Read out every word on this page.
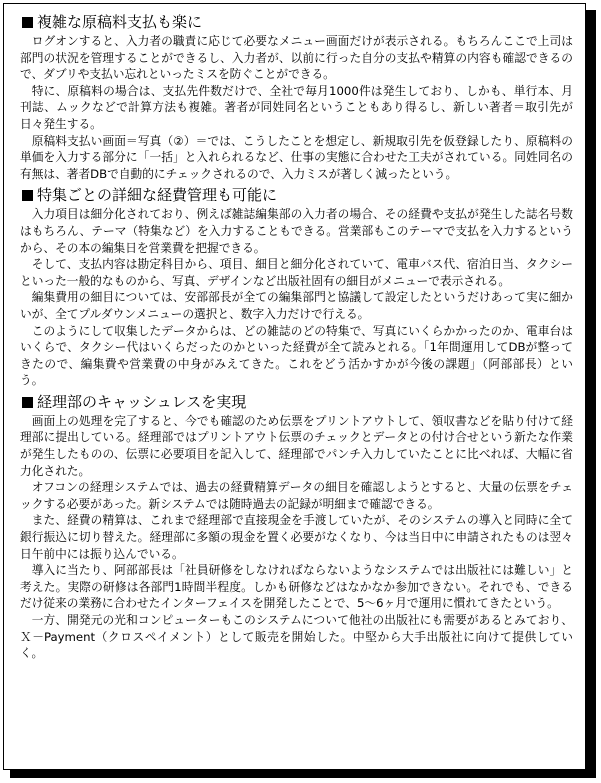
複雑な原稿料支払も楽に

ログオンすると、入力者の職責に応じて必要なメニュー画面だけが表示される。もちろんここで上司は部門の状況を管理することができるし、入力者が、以前に行った自分の支払や精算の内容も確認できるので、ダブリや支払い忘れといったミスを防ぐことができる。

特に、原稿料の場合は、支払先件数だけで、全社で毎月1000件は発生しており、しかも、単行本、月刊誌、ムックなどで計算方法も複雑。著者が同姓同名ということもあり得るし、新しい著者＝取引先が日々発生する。

原稿料支払い画面＝写真（②）＝では、こうしたことを想定し、新規取引先を仮登録したり、原稿料の単価を入力する部分に「一括」と入れられるなど、仕事の実態に合わせた工夫がされている。同姓同名の有無は、著者DBで自動的にチェックされるので、入力ミスが著しく減ったという。

特集ごとの詳細な経費管理も可能に

入力項目は細分化されており、例えば雑誌編集部の入力者の場合、その経費や支払が発生した誌名号数はもちろん、テーマ（特集など）を入力することもできる。営業部もこのテーマで支払を入力するというから、その本の編集日を営業費を把握できる。

そして、支払内容は勘定科目から、項目、細目と細分化されていて、電車バス代、宿泊日当、タクシーといった一般的なものから、写真、デザインなど出版社固有の細目がメニューで表示される。

編集費用の細目については、安部部長が全ての編集部門と協議して設定したというだけあって実に細かいが、全てプルダウンメニューの選択と、数字入力だけで行える。

このようにして収集したデータからは、どの雑誌のどの特集で、写真にいくらかかったのか、電車台はいくらで、タクシー代はいくらだったのかといった経費が全て読みとれる。「1年間運用してDBが整ってきたので、編集費や営業費の中身がみえてきた。これをどう活かすかが今後の課題」（阿部部長）という。

経理部のキャッシュレスを実現

画面上の処理を完了すると、今でも確認のため伝票をプリントアウトして、領収書などを貼り付けて経理部に提出している。経理部ではプリントアウト伝票のチェックとデータとの付け合せという新たな作業が発生したものの、伝票に必要項目を記入して、経理部でパンチ入力していたことに比べれば、大幅に省力化された。

オフコンの経理システムでは、過去の経費精算データの細目を確認しようとすると、大量の伝票をチェックする必要があった。新システムでは随時過去の記録が明細まで確認できる。

また、経費の精算は、これまで経理部で直接現金を手渡していたが、そのシステムの導入と同時に全て銀行振込に切り替えた。経理部に多額の現金を置く必要がなくなり、今は当日中に申請されたものは翌々日午前中には振り込んでいる。

導入に当たり、阿部部長は「社員研修をしなければならないようなシステムでは出版社には難しい」と考えた。実際の研修は各部門1時間半程度。しかも研修などはなかなか参加できない。それでも、できるだけ従来の業務に合わせたインターフェイスを開発したことで、5〜6ヶ月で運用に慣れてきたという。

一方、開発元の光和コンピューターもこのシステムについて他社の出版社にも需要があるとみており、Ｘ－Payment（クロスペイメント）として販売を開始した。中堅から大手出版社に向けて提供していく。
